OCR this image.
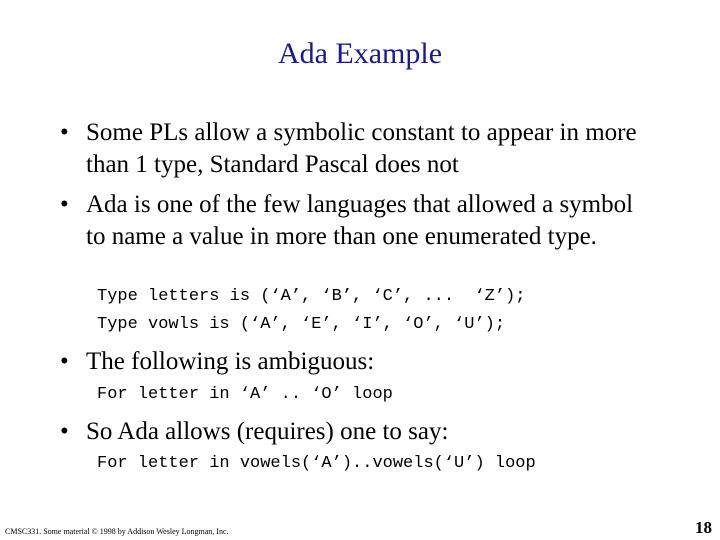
Ada Example
• Some PLs allow a symbolic constant to appear in more than 1 type, Standard Pascal does not
• Ada is one of the few languages that allowed a symbol to name a value in more than one enumerated type.
Type letters is (‘A’, ‘B’, ‘C’, ...  ‘Z’);
Type vowls is (‘A’, ‘E’, ‘I’, ‘O’, ‘U’);
• The following is ambiguous:
For letter in ‘A’ .. ‘O’ loop
• So Ada allows (requires) one to say:
For letter in vowels(‘A’)..vowels(‘U’) loop
CMSC331. Some material © 1998 by Addison Wesley Longman, Inc.	18
